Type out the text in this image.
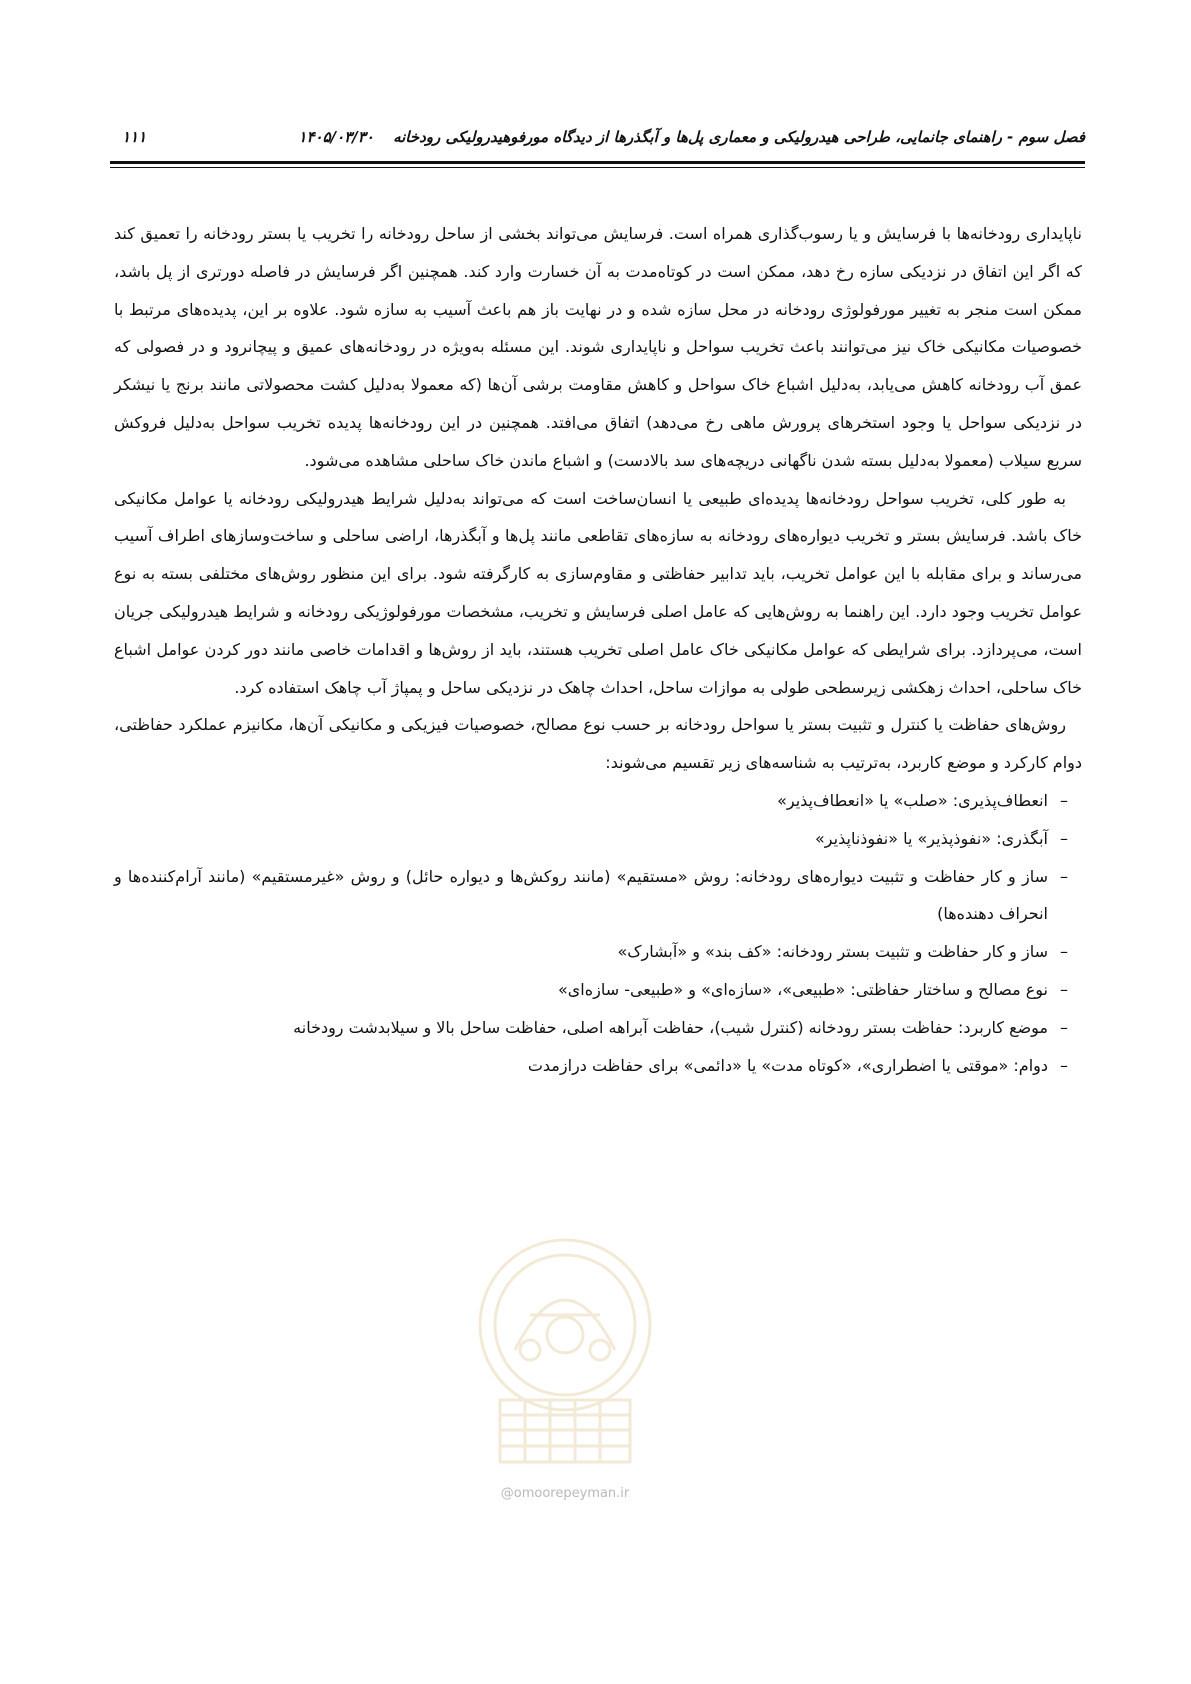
فصل سوم - راهنمای جانمایی، طراحی هیدرولیکی و معماری پل‌ها و آبگذرها از دیدگاه مورفوهیدرولیکی رودخانه ۱۴۰۵/۰۳/۳۰
۱۱۱

ناپایداری رودخانه‌ها با فرسایش و یا رسوب‌گذاری همراه است. فرسایش می‌تواند بخشی از ساحل رودخانه را تخریب یا بستر رودخانه را تعمیق کند که اگر این اتفاق در نزدیکی سازه رخ دهد، ممکن است در کوتاه‌مدت به آن خسارت وارد کند. همچنین اگر فرسایش در فاصله دورتری از پل باشد، ممکن است منجر به تغییر مورفولوژی رودخانه در محل سازه شده و در نهایت باز هم باعث آسیب به سازه شود. علاوه بر این، پدیده‌های مرتبط با خصوصیات مکانیکی خاک نیز می‌توانند باعث تخریب سواحل و ناپایداری شوند. این مسئله به‌ویژه در رودخانه‌های عمیق و پیچانرود و در فصولی که عمق آب رودخانه کاهش می‌یابد، به‌دلیل اشباع خاک سواحل و کاهش مقاومت برشی آن‌ها (که معمولا به‌دلیل کشت محصولاتی مانند برنج یا نیشکر در نزدیکی سواحل یا وجود استخرهای پرورش ماهی رخ می‌دهد) اتفاق می‌افتد. همچنین در این رودخانه‌ها پدیده تخریب سواحل به‌دلیل فروکش سریع سیلاب (معمولا به‌دلیل بسته شدن ناگهانی دریچه‌های سد بالادست) و اشباع ماندن خاک ساحلی مشاهده می‌شود.

به طور کلی، تخریب سواحل رودخانه‌ها پدیده‌ای طبیعی یا انسان‌ساخت است که می‌تواند به‌دلیل شرایط هیدرولیکی رودخانه یا عوامل مکانیکی خاک باشد. فرسایش بستر و تخریب دیواره‌های رودخانه به سازه‌های تقاطعی مانند پل‌ها و آبگذرها، اراضی ساحلی و ساخت‌وسازهای اطراف آسیب می‌رساند و برای مقابله با این عوامل تخریب، باید تدابیر حفاظتی و مقاوم‌سازی به کارگرفته شود. برای این منظور روش‌های مختلفی بسته به نوع عوامل تخریب وجود دارد. این راهنما به روش‌هایی که عامل اصلی فرسایش و تخریب، مشخصات مورفولوژیکی رودخانه و شرایط هیدرولیکی جریان است، می‌پردازد. برای شرایطی که عوامل مکانیکی خاک عامل اصلی تخریب هستند، باید از روش‌ها و اقدامات خاصی مانند دور کردن عوامل اشباع خاک ساحلی، احداث زهکشی زیرسطحی طولی به موازات ساحل، احداث چاهک در نزدیکی ساحل و پمپاژ آب چاهک استفاده کرد.

روش‌های حفاظت یا کنترل و تثبیت بستر یا سواحل رودخانه بر حسب نوع مصالح، خصوصیات فیزیکی و مکانیکی آن‌ها، مکانیزم عملکرد حفاظتی، دوام کارکرد و موضع کاربرد، به‌ترتیب به شناسه‌های زیر تقسیم می‌شوند:

–
انعطاف‌پذیری: «صلب» یا «انعطاف‌پذیر»
–
آبگذری: «نفوذپذیر» یا «نفوذناپذیر»
–
ساز و کار حفاظت و تثبیت دیواره‌های رودخانه: روش «مستقیم» (مانند روکش‌ها و دیواره حائل) و روش «غیرمستقیم» (مانند آرام‌کننده‌ها و انحراف دهنده‌ها)
–
ساز و کار حفاظت و تثبیت بستر رودخانه: «کف بند» و «آبشارک»
–
نوع مصالح و ساختار حفاظتی: «طبیعی»، «سازه‌ای» و «طبیعی- سازه‌ای»
–
موضع کاربرد: حفاظت بستر رودخانه (کنترل شیب)، حفاظت آبراهه اصلی، حفاظت ساحل بالا و سیلابدشت رودخانه
–
دوام: «موقتی یا اضطراری»، «کوتاه مدت» یا «دائمی» برای حفاظت درازمدت
@omoorepeyman.ir
